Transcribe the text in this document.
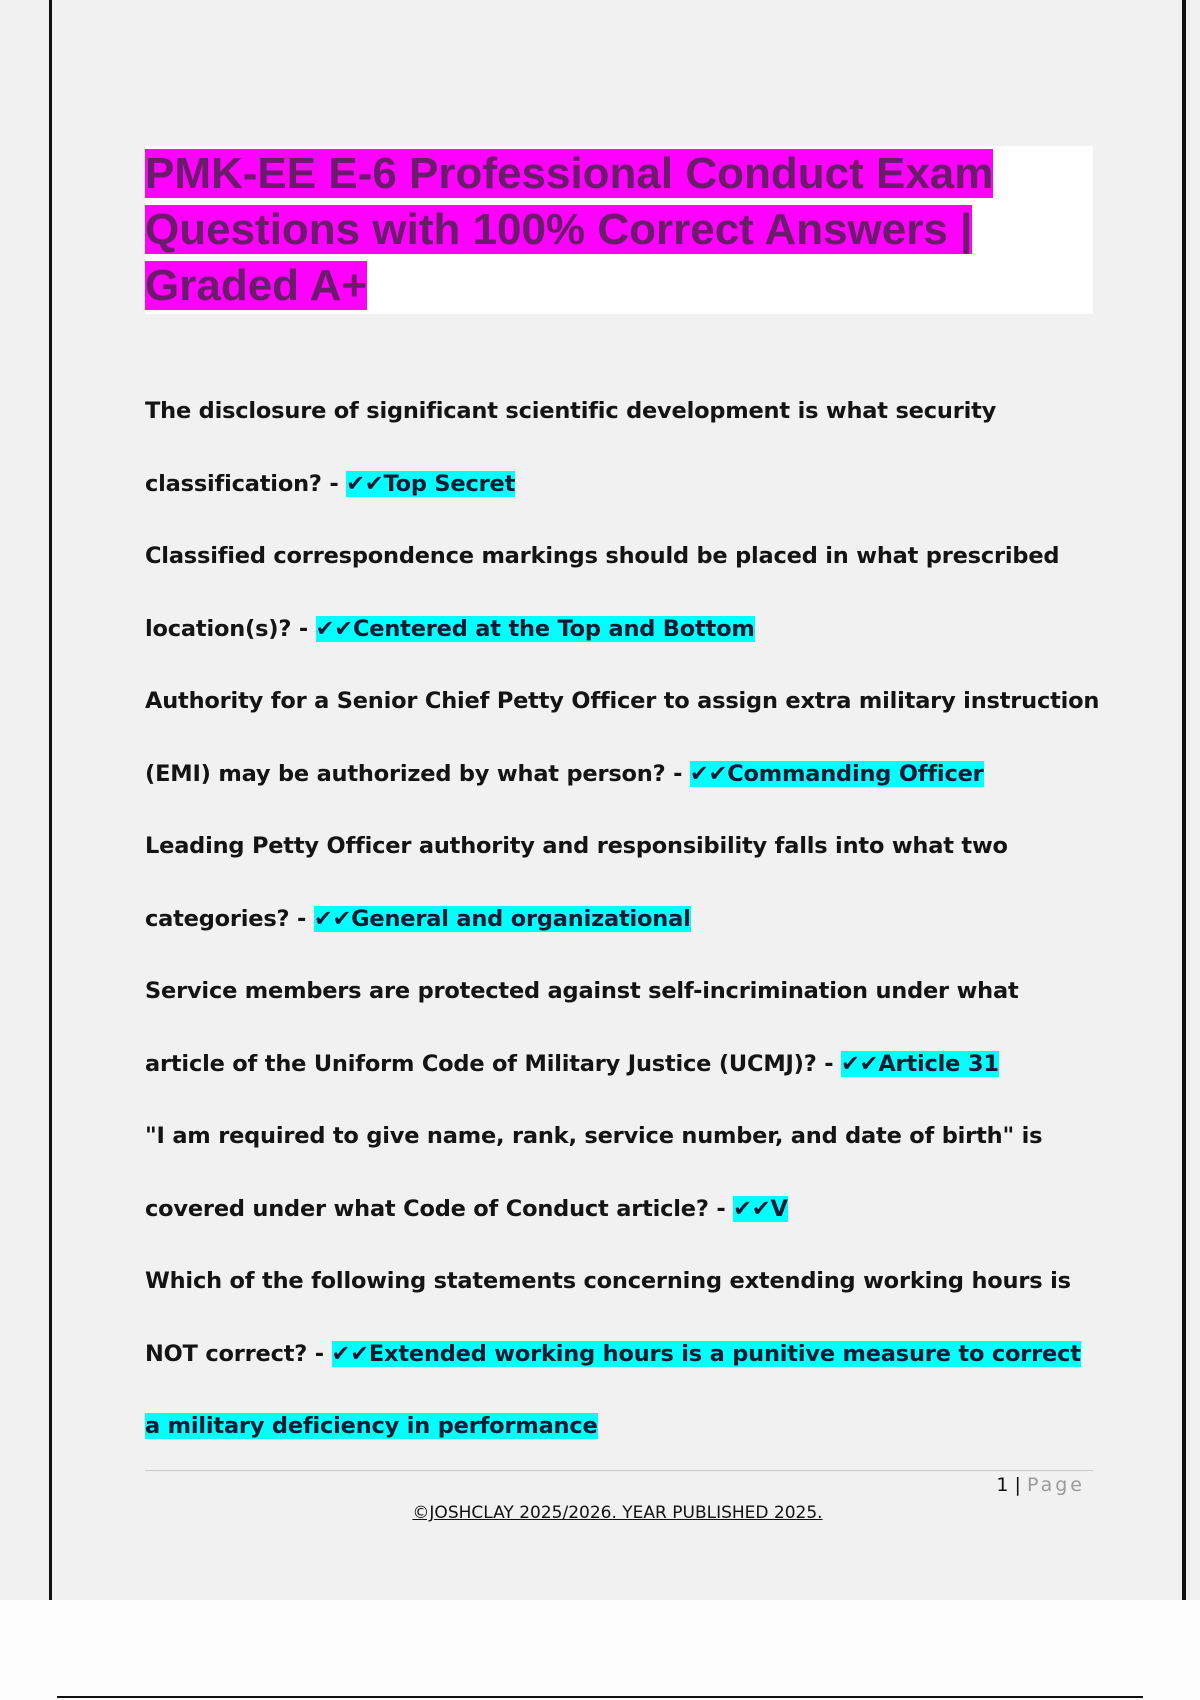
PMK-EE E-6 Professional Conduct Exam Questions with 100% Correct Answers | Graded A+
The disclosure of significant scientific development is what security classification? - ✔✔Top Secret
Classified correspondence markings should be placed in what prescribed location(s)? - ✔✔Centered at the Top and Bottom
Authority for a Senior Chief Petty Officer to assign extra military instruction (EMI) may be authorized by what person? - ✔✔Commanding Officer
Leading Petty Officer authority and responsibility falls into what two categories? - ✔✔General and organizational
Service members are protected against self-incrimination under what article of the Uniform Code of Military Justice (UCMJ)? - ✔✔Article 31
"I am required to give name, rank, service number, and date of birth" is covered under what Code of Conduct article? - ✔✔V
Which of the following statements concerning extending working hours is NOT correct? - ✔✔Extended working hours is a punitive measure to correct a military deficiency in performance
1 | Page
©JOSHCLAY 2025/2026. YEAR PUBLISHED 2025.
